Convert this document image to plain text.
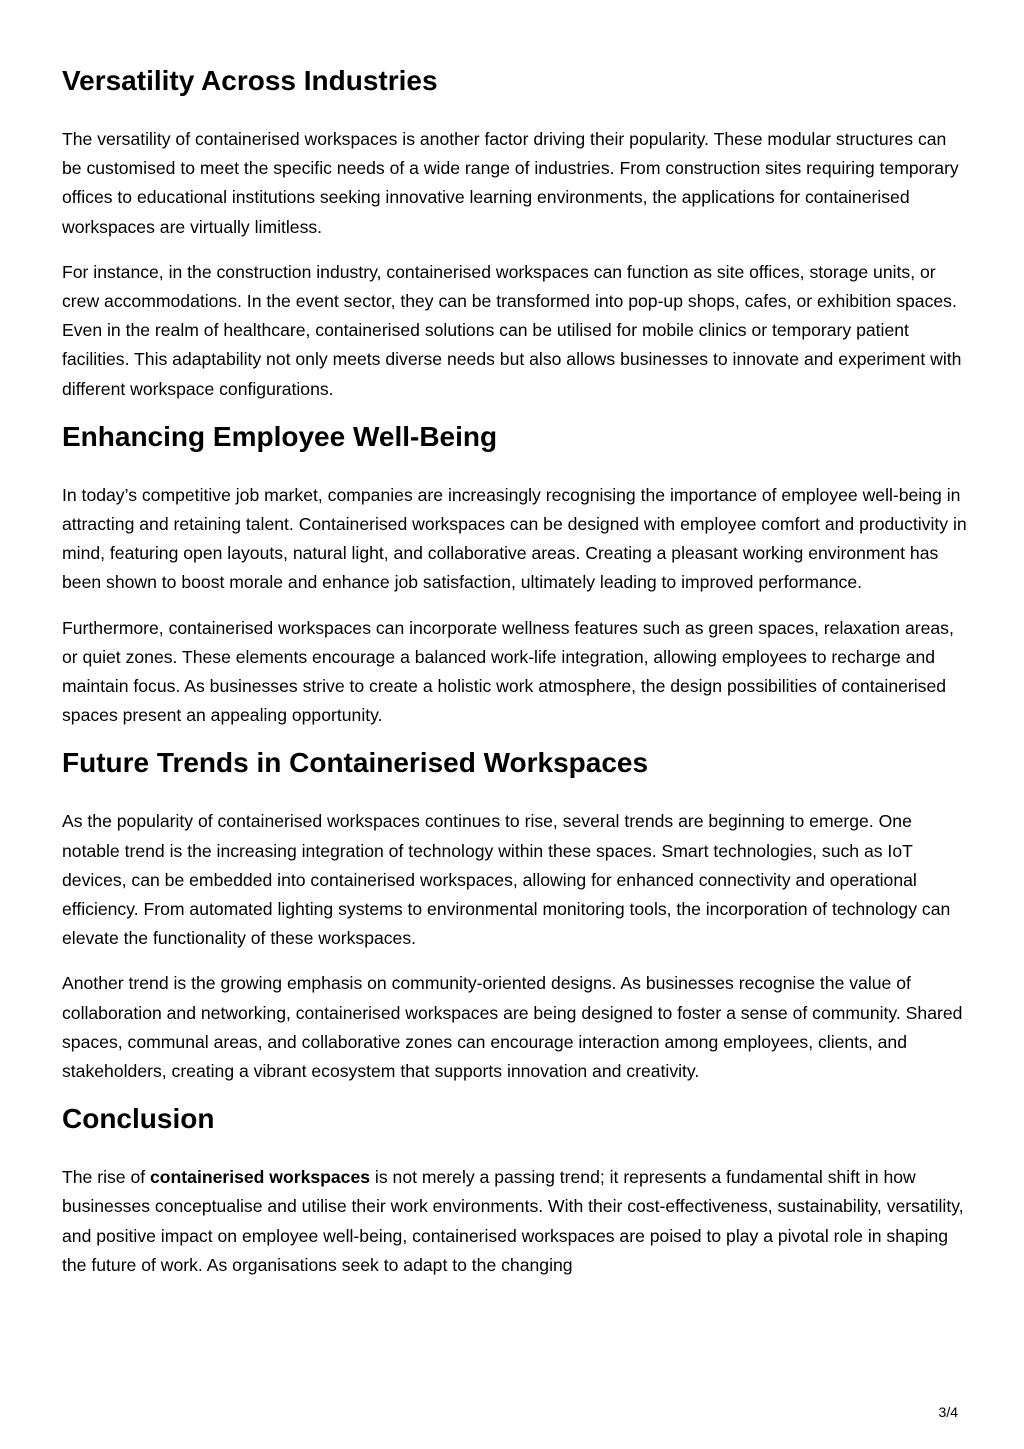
Versatility Across Industries

The versatility of containerised workspaces is another factor driving their popularity. These modular structures can be customised to meet the specific needs of a wide range of industries. From construction sites requiring temporary offices to educational institutions seeking innovative learning environments, the applications for containerised workspaces are virtually limitless.

For instance, in the construction industry, containerised workspaces can function as site offices, storage units, or crew accommodations. In the event sector, they can be transformed into pop-up shops, cafes, or exhibition spaces. Even in the realm of healthcare, containerised solutions can be utilised for mobile clinics or temporary patient facilities. This adaptability not only meets diverse needs but also allows businesses to innovate and experiment with different workspace configurations.

Enhancing Employee Well-Being

In today’s competitive job market, companies are increasingly recognising the importance of employee well-being in attracting and retaining talent. Containerised workspaces can be designed with employee comfort and productivity in mind, featuring open layouts, natural light, and collaborative areas. Creating a pleasant working environment has been shown to boost morale and enhance job satisfaction, ultimately leading to improved performance.

Furthermore, containerised workspaces can incorporate wellness features such as green spaces, relaxation areas, or quiet zones. These elements encourage a balanced work-life integration, allowing employees to recharge and maintain focus. As businesses strive to create a holistic work atmosphere, the design possibilities of containerised spaces present an appealing opportunity.

Future Trends in Containerised Workspaces

As the popularity of containerised workspaces continues to rise, several trends are beginning to emerge. One notable trend is the increasing integration of technology within these spaces. Smart technologies, such as IoT devices, can be embedded into containerised workspaces, allowing for enhanced connectivity and operational efficiency. From automated lighting systems to environmental monitoring tools, the incorporation of technology can elevate the functionality of these workspaces.

Another trend is the growing emphasis on community-oriented designs. As businesses recognise the value of collaboration and networking, containerised workspaces are being designed to foster a sense of community. Shared spaces, communal areas, and collaborative zones can encourage interaction among employees, clients, and stakeholders, creating a vibrant ecosystem that supports innovation and creativity.

Conclusion

The rise of containerised workspaces is not merely a passing trend; it represents a fundamental shift in how businesses conceptualise and utilise their work environments. With their cost-effectiveness, sustainability, versatility, and positive impact on employee well-being, containerised workspaces are poised to play a pivotal role in shaping the future of work. As organisations seek to adapt to the changing

3/4
